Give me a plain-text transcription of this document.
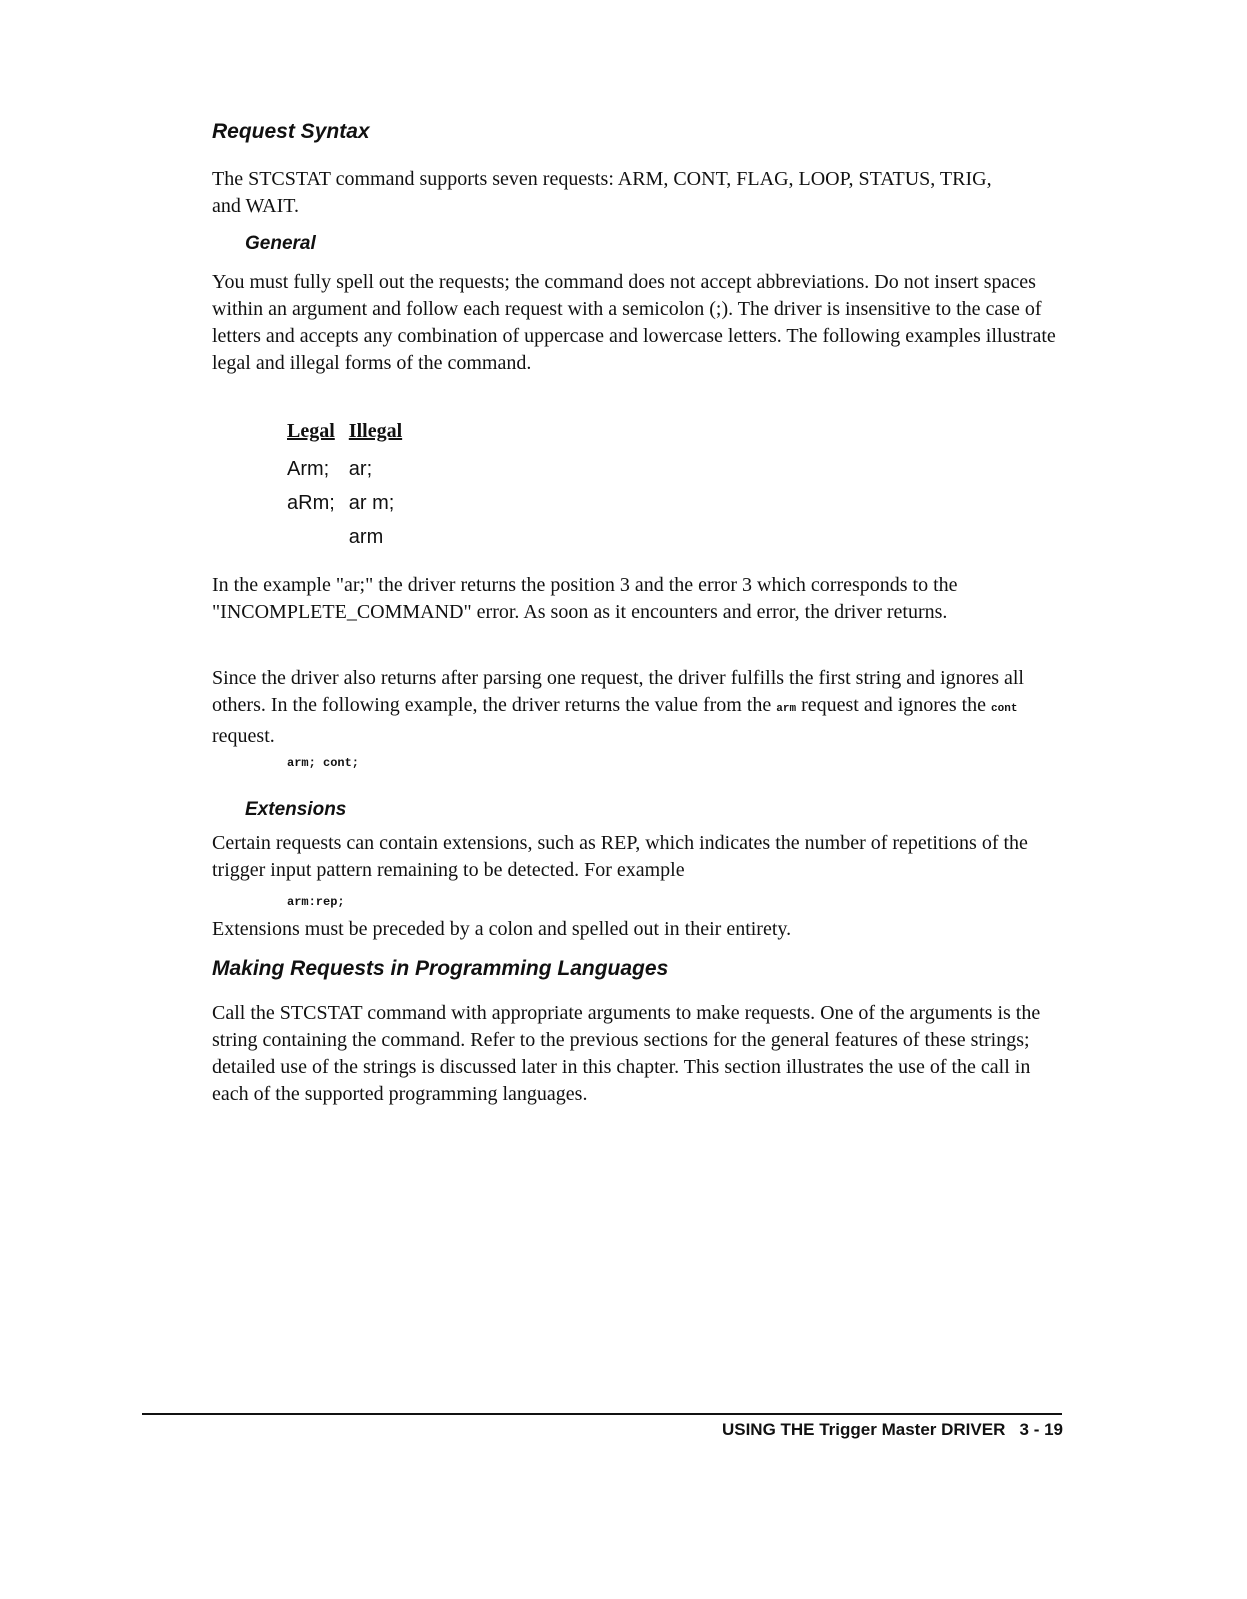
Request Syntax

The STCSTAT command supports seven requests: ARM, CONT, FLAG, LOOP, STATUS, TRIG, and WAIT.

General

You must fully spell out the requests; the command does not accept abbreviations. Do not insert spaces within an argument and follow each request with a semicolon (;). The driver is insensitive to the case of letters and accepts any combination of uppercase and lowercase letters. The following examples illustrate legal and illegal forms of the command.

Legal	Illegal
Arm;	ar;
aRm;	ar m;
	arm

In the example "ar;" the driver returns the position 3 and the error 3 which corresponds to the "INCOMPLETE_COMMAND" error. As soon as it encounters and error, the driver returns.

Since the driver also returns after parsing one request, the driver fulfills the first string and ignores all others. In the following example, the driver returns the value from the arm request and ignores the cont request.

arm; cont;
Extensions

Certain requests can contain extensions, such as REP, which indicates the number of repetitions of the trigger input pattern remaining to be detected. For example

arm:rep;

Extensions must be preceded by a colon and spelled out in their entirety.

Making Requests in Programming Languages

Call the STCSTAT command with appropriate arguments to make requests. One of the arguments is the string containing the command. Refer to the previous sections for the general features of these strings; detailed use of the strings is discussed later in this chapter. This section illustrates the use of the call in each of the supported programming languages.

USING THE Trigger Master DRIVER 3 - 19
